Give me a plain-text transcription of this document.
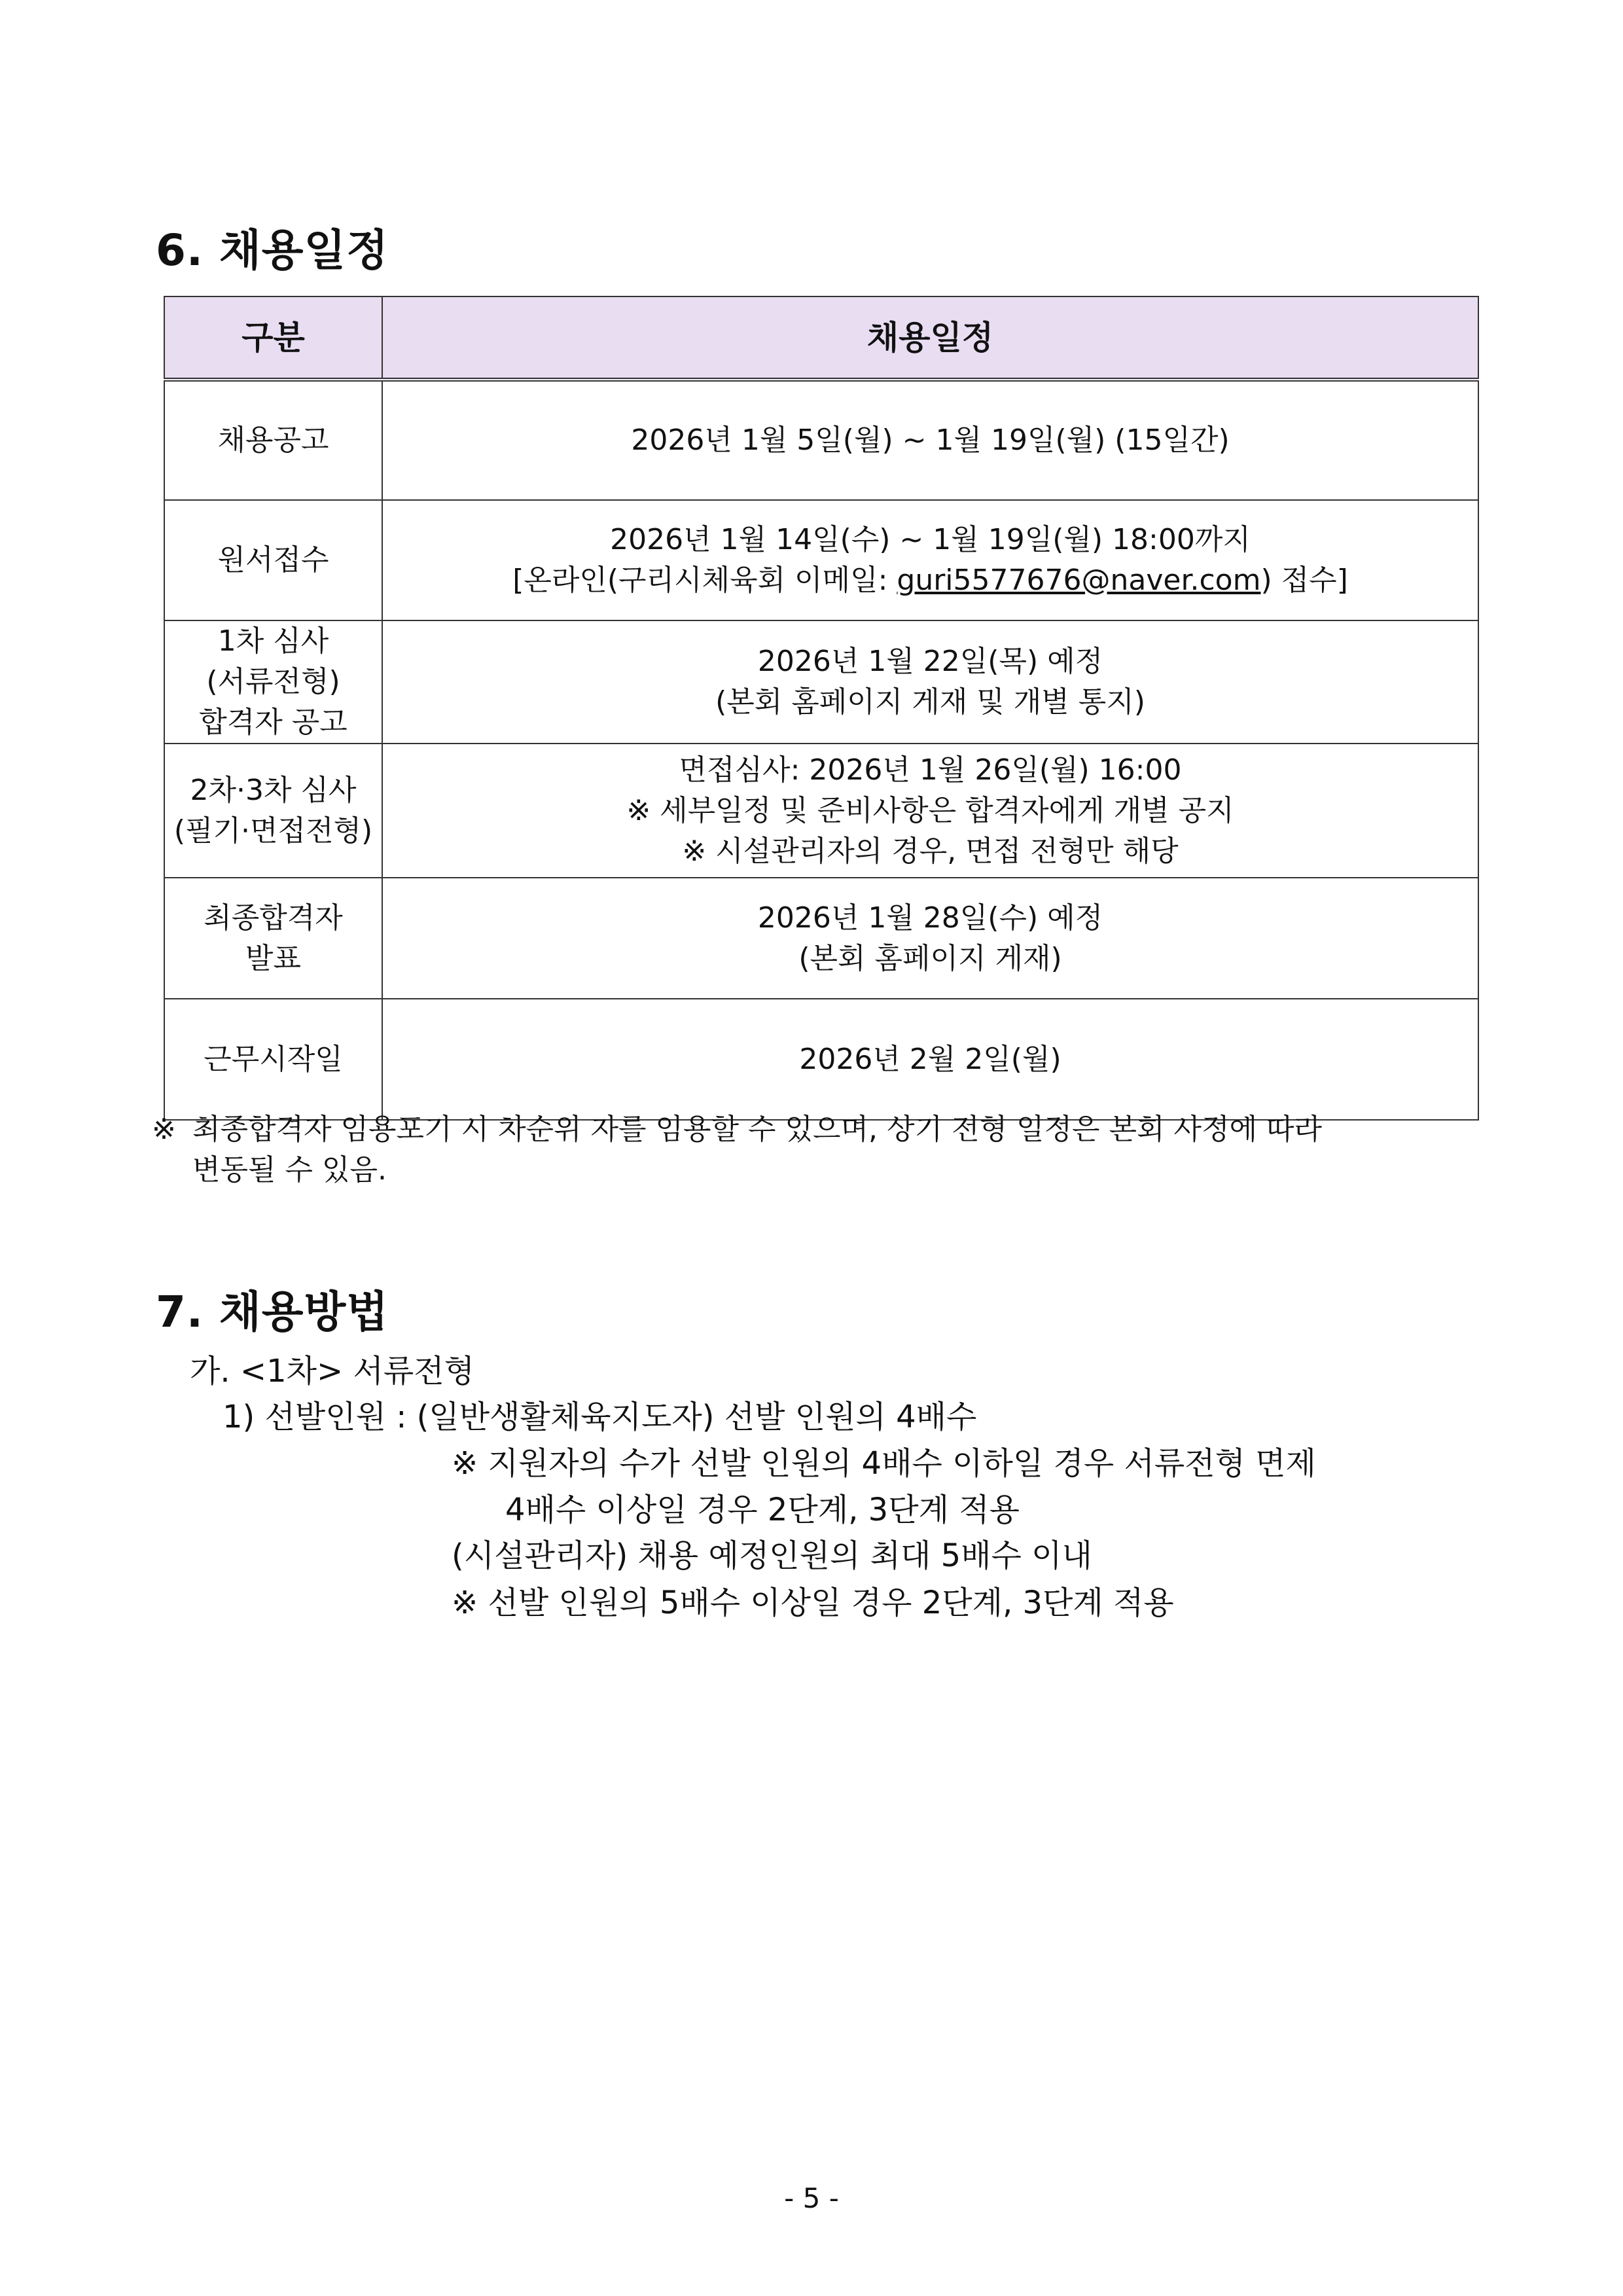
6. 채용일정
구분	채용일정

채용공고	2026년 1월 5일(월) ~ 1월 19일(월) (15일간)

원서접수	2026년 1월 14일(수) ~ 1월 19일(월) 18:00까지
[온라인(구리시체육회 이메일: guri5577676@naver.com) 접수]

1차 심사
(서류전형)
합격자 공고	2026년 1월 22일(목) 예정
(본회 홈페이지 게재 및 개별 통지)

2차·3차 심사
(필기·면접전형)	면접심사: 2026년 1월 26일(월) 16:00
※ 세부일정 및 준비사항은 합격자에게 개별 공지
※ 시설관리자의 경우, 면접 전형만 해당

최종합격자
발표	2026년 1월 28일(수) 예정
(본회 홈페이지 게재)

근무시작일	2026년 2월 2일(월)

※ 최종합격자 임용포기 시 차순위 자를 임용할 수 있으며, 상기 전형 일정은 본회 사정에 따라
변동될 수 있음.

7. 채용방법

가. <1차> 서류전형

1) 선발인원 : (일반생활체육지도자) 선발 인원의 4배수

※ 지원자의 수가 선발 인원의 4배수 이하일 경우 서류전형 면제

4배수 이상일 경우 2단계, 3단계 적용

(시설관리자) 채용 예정인원의 최대 5배수 이내

※ 선발 인원의 5배수 이상일 경우 2단계, 3단계 적용

- 5 -
